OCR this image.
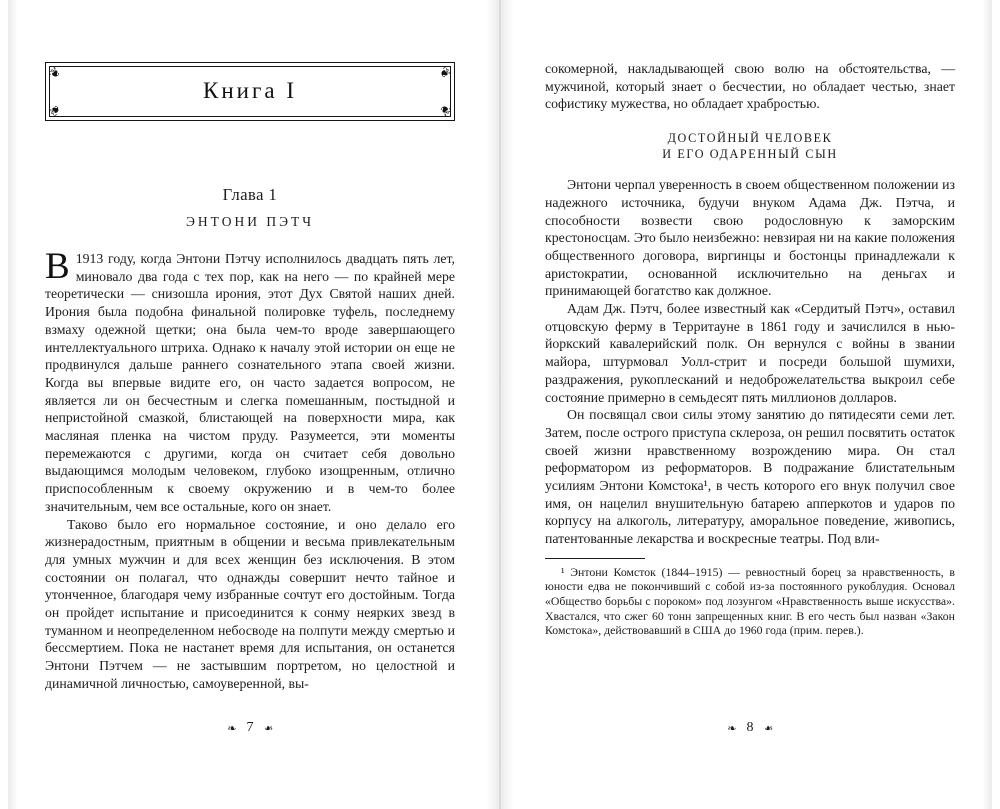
❦	❦
❦	❦
Книга I
Глава 1
ЭНТОНИ ПЭТЧ

В 1913 году, когда Энтони Пэтчу исполнилось двадцать пять лет, миновало два года с тех пор, как на него — по крайней мере теоретически — снизошла ирония, этот Дух Святой наших дней. Ирония была подобна финальной полировке туфель, последнему взмаху одежной щетки; она была чем-то вроде завершающего интеллектуального штриха. Однако к началу этой истории он еще не продвинулся дальше раннего сознательного этапа своей жизни. Когда вы впервые видите его, он часто задается вопросом, не является ли он бесчестным и слегка помешанным, постыдной и непристойной смазкой, блистающей на поверхности мира, как масляная пленка на чистом пруду. Разумеется, эти моменты перемежаются с другими, когда он считает себя довольно выдающимся молодым человеком, глубоко изощренным, отлично приспособленным к своему окружению и в чем-то более значительным, чем все остальные, кого он знает.

Таково было его нормальное состояние, и оно делало его жизнерадостным, приятным в общении и весьма привлекательным для умных мужчин и для всех женщин без исключения. В этом состоянии он полагал, что однажды совершит нечто тайное и утонченное, благодаря чему избранные сочтут его достойным. Тогда он пройдет испытание и присоединится к сонму неярких звезд в туманном и неопределенном небосводе на полпути между смертью и бессмертием. Пока не настанет время для испытания, он останется Энтони Пэтчем — не застывшим портретом, но целостной и динамичной личностью, самоуверенной, вы-

❧ 7 ❧

сокомерной, накладывающей свою волю на обстоятельства, — мужчиной, который знает о бесчестии, но обладает честью, знает софистику мужества, но обладает храбростью.

ДОСТОЙНЫЙ ЧЕЛОВЕК
И ЕГО ОДАРЕННЫЙ СЫН

Энтони черпал уверенность в своем общественном положении из надежного источника, будучи внуком Адама Дж. Пэтча, и способности возвести свою родословную к заморским крестоносцам. Это было неизбежно: невзирая ни на какие положения общественного договора, виргинцы и бостонцы принадлежали к аристократии, основанной исключительно на деньгах и принимающей богатство как должное.

Адам Дж. Пэтч, более известный как «Сердитый Пэтч», оставил отцовскую ферму в Территауне в 1861 году и зачислился в нью-йоркский кавалерийский полк. Он вернулся с войны в звании майора, штурмовал Уолл-стрит и посреди большой шумихи, раздражения, рукоплесканий и недоброжелательства выкроил себе состояние примерно в семьдесят пять миллионов долларов.

Он посвящал свои силы этому занятию до пятидесяти семи лет. Затем, после острого приступа склероза, он решил посвятить остаток своей жизни нравственному возрождению мира. Он стал реформатором из реформаторов. В подражание блистательным усилиям Энтони Комстока¹, в честь которого его внук получил свое имя, он нацелил внушительную батарею апперкотов и ударов по корпусу на алкоголь, литературу, аморальное поведение, живопись, патентованные лекарства и воскресные театры. Под вли-

¹ Энтони Комсток (1844–1915) — ревностный борец за нравственность, в юности едва не покончивший с собой из-за постоянного рукоблудия. Основал «Общество борьбы с пороком» под лозунгом «Нравственность выше искусства». Хвастался, что сжег 60 тонн запрещенных книг. В его честь был назван «Закон Комстока», действовавший в США до 1960 года (прим. перев.).

❧ 8 ❧
